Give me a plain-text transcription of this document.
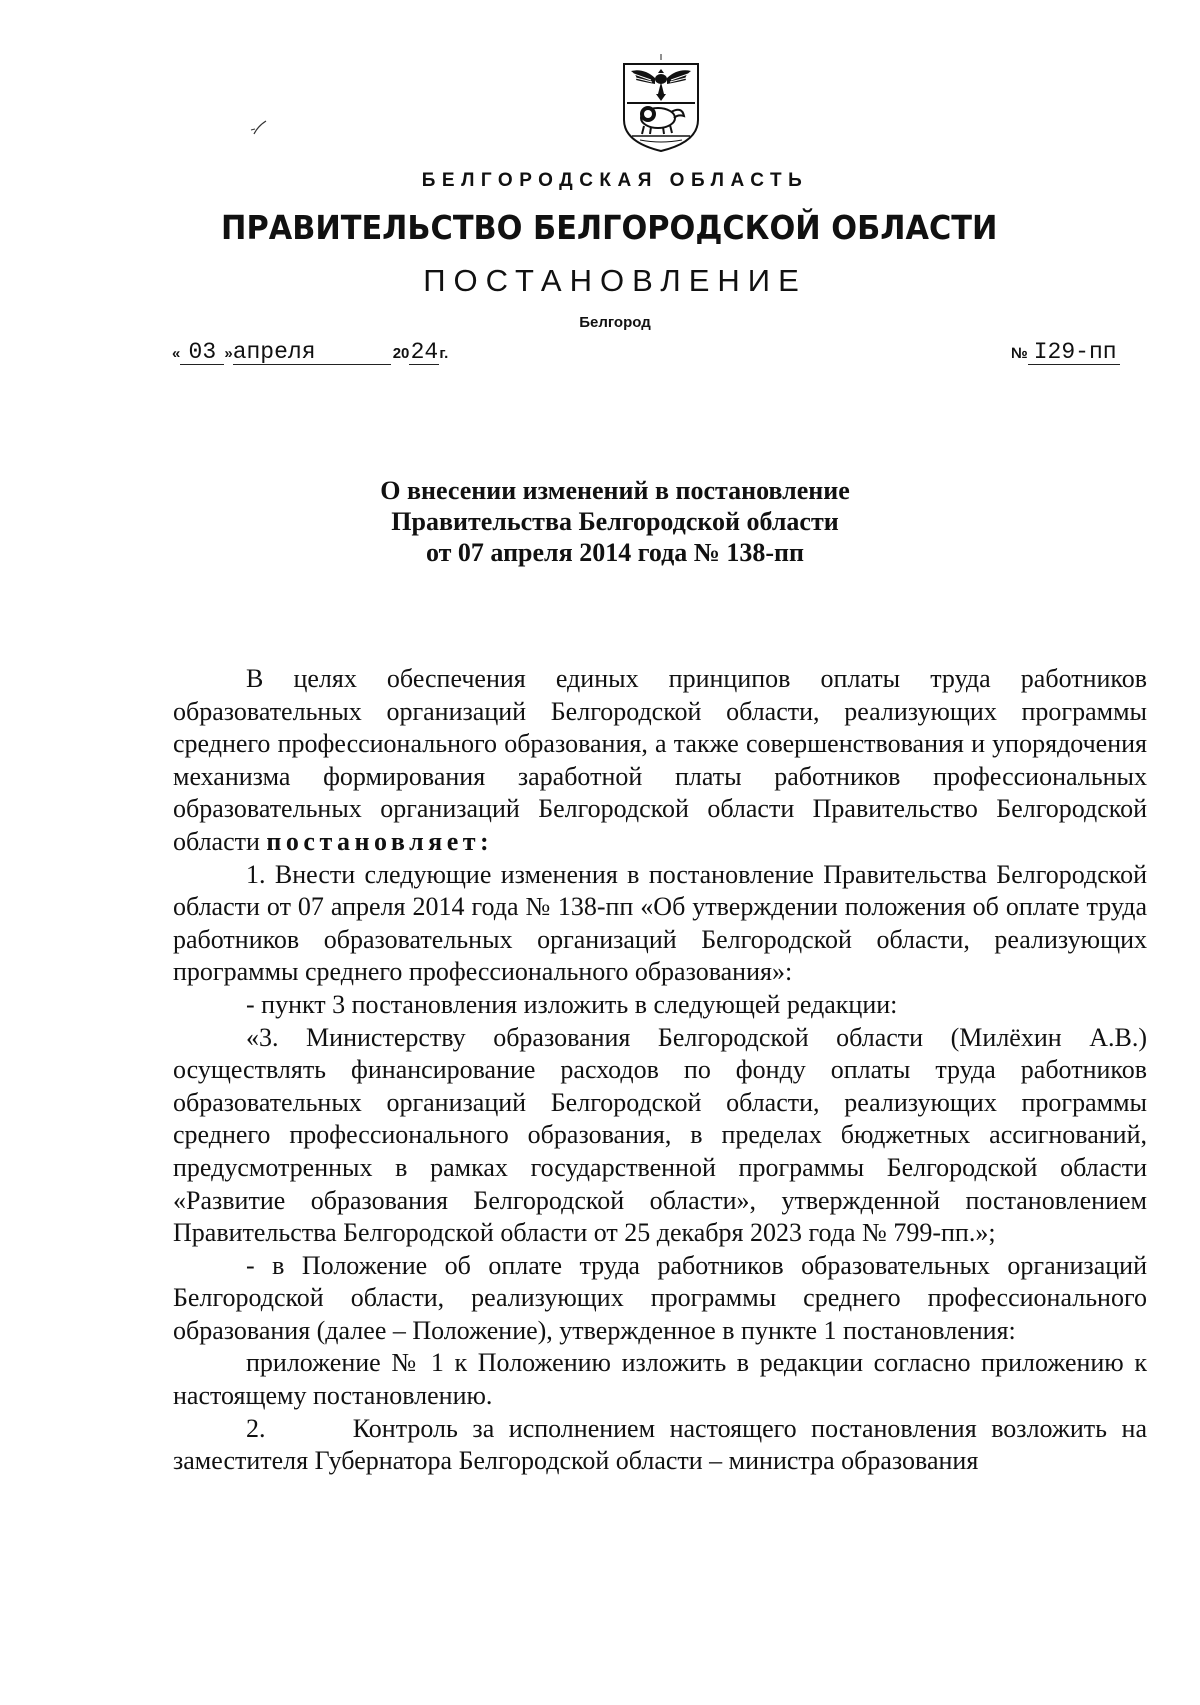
БЕЛГОРОДСКАЯ ОБЛАСТЬ
ПРАВИТЕЛЬСТВО БЕЛГОРОДСКОЙ ОБЛАСТИ
ПОСТАНОВЛЕНИЕ
Белгород
« 03 »апреля	2024г.	№ I29-пп
О внесении изменений в постановление
Правительства Белгородской области
от 07 апреля 2014 года № 138-пп

В целях обеспечения единых принципов оплаты труда работников образовательных организаций Белгородской области, реализующих программы среднего профессионального образования, а также совершенствования и упорядочения механизма формирования заработной платы работников профессиональных образовательных организаций Белгородской области Правительство Белгородской области постановляет:

1. Внести следующие изменения в постановление Правительства Белгородской области от 07 апреля 2014 года № 138-пп «Об утверждении положения об оплате труда работников образовательных организаций Белгородской области, реализующих программы среднего профессионального образования»:

- пункт 3 постановления изложить в следующей редакции:

«3. Министерству образования Белгородской области (Милёхин А.В.) осуществлять финансирование расходов по фонду оплаты труда работников образовательных организаций Белгородской области, реализующих программы среднего профессионального образования, в пределах бюджетных ассигнований, предусмотренных в рамках государственной программы Белгородской области «Развитие образования Белгородской области», утвержденной постановлением Правительства Белгородской области от 25 декабря 2023 года № 799-пп.»;

- в Положение об оплате труда работников образовательных организаций Белгородской области, реализующих программы среднего профессионального образования (далее – Положение), утвержденное в пункте 1 постановления:

приложение № 1 к Положению изложить в редакции согласно приложению к настоящему постановлению.

2.      Контроль за исполнением настоящего постановления возложить на заместителя Губернатора Белгородской области – министра образования
